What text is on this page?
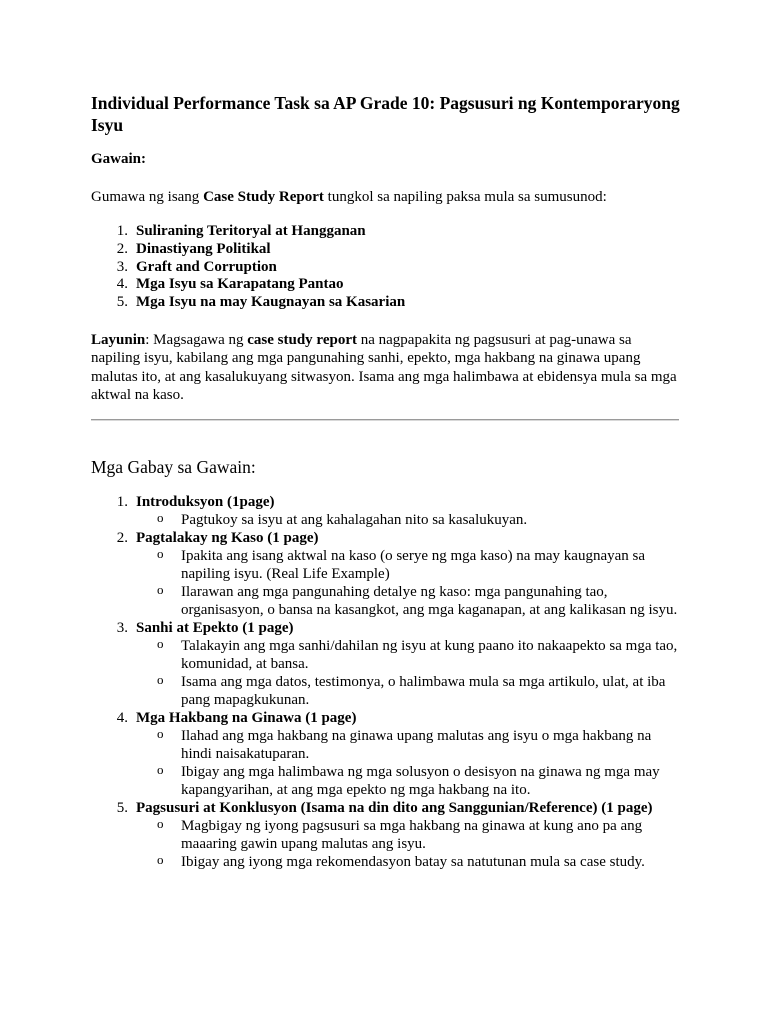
Individual Performance Task sa AP Grade 10: Pagsusuri ng Kontemporaryong Isyu
Gawain:
Gumawa ng isang Case Study Report tungkol sa napiling paksa mula sa sumusunod:
1. Suliraning Teritoryal at Hangganan
2. Dinastiyang Politikal
3. Graft and Corruption
4. Mga Isyu sa Karapatang Pantao
5. Mga Isyu na may Kaugnayan sa Kasarian
Layunin: Magsagawa ng case study report na nagpapakita ng pagsusuri at pag-unawa sa napiling isyu, kabilang ang mga pangunahing sanhi, epekto, mga hakbang na ginawa upang malutas ito, at ang kasalukuyang sitwasyon. Isama ang mga halimbawa at ebidensya mula sa mga aktwal na kaso.
Mga Gabay sa Gawain:
1. Introduksyon (1page)
o Pagtukoy sa isyu at ang kahalagahan nito sa kasalukuyan.
2. Pagtalakay ng Kaso (1 page)
o Ipakita ang isang aktwal na kaso (o serye ng mga kaso) na may kaugnayan sa napiling isyu. (Real Life Example)
o Ilarawan ang mga pangunahing detalye ng kaso: mga pangunahing tao, organisasyon, o bansa na kasangkot, ang mga kaganapan, at ang kalikasan ng isyu.
3. Sanhi at Epekto (1 page)
o Talakayin ang mga sanhi/dahilan ng isyu at kung paano ito nakaapekto sa mga tao, komunidad, at bansa.
o Isama ang mga datos, testimonya, o halimbawa mula sa mga artikulo, ulat, at iba pang mapagkukunan.
4. Mga Hakbang na Ginawa (1 page)
o Ilahad ang mga hakbang na ginawa upang malutas ang isyu o mga hakbang na hindi naisakatuparan.
o Ibigay ang mga halimbawa ng mga solusyon o desisyon na ginawa ng mga may kapangyarihan, at ang mga epekto ng mga hakbang na ito.
5. Pagsusuri at Konklusyon (Isama na din dito ang Sanggunian/Reference) (1 page)
o Magbigay ng iyong pagsusuri sa mga hakbang na ginawa at kung ano pa ang maaaring gawin upang malutas ang isyu.
o Ibigay ang iyong mga rekomendasyon batay sa natutunan mula sa case study.
